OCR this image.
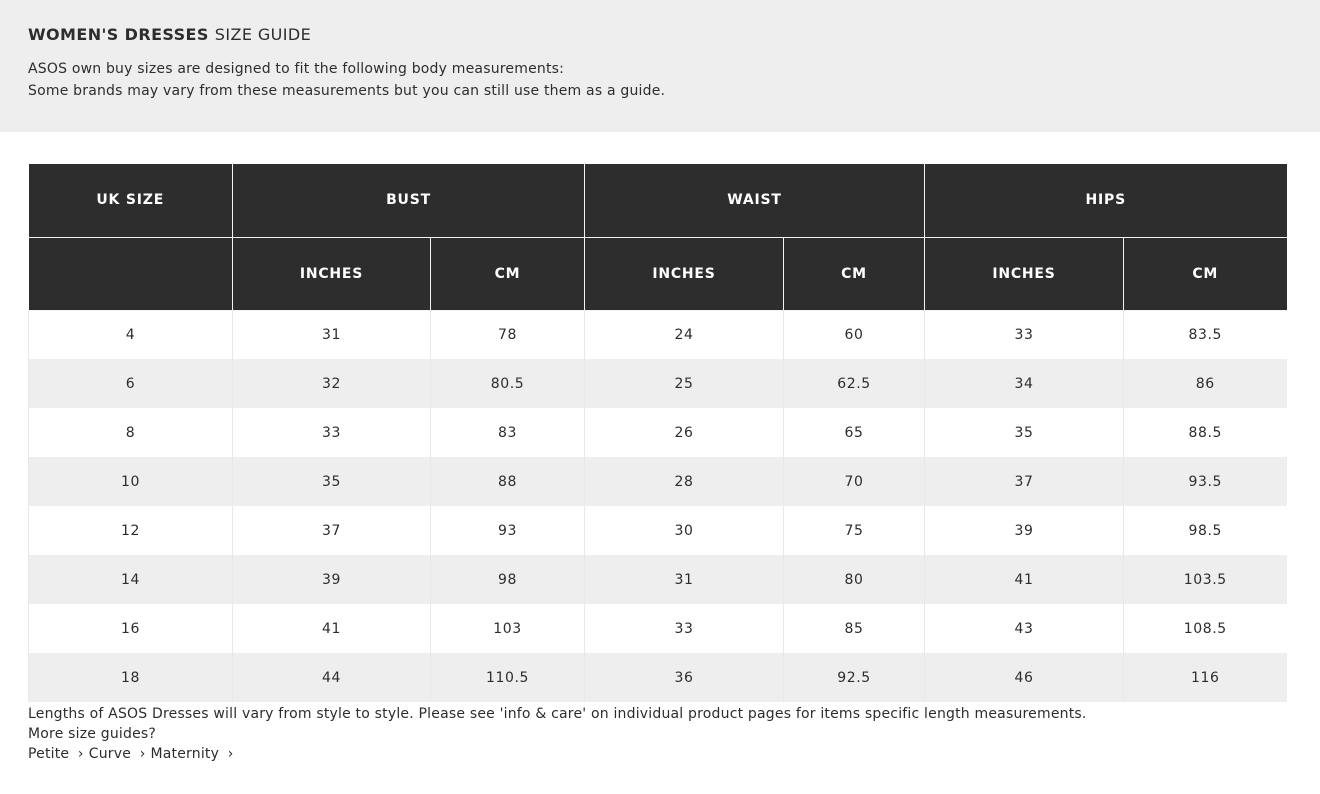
WOMEN'S DRESSES SIZE GUIDE
ASOS own buy sizes are designed to fit the following body measurements:
Some brands may vary from these measurements but you can still use them as a guide.
UK SIZE	BUST		WAIST		HIPS	
	INCHES	CM	INCHES	CM	INCHES	CM
4	31	78	24	60	33	83.5
6	32	80.5	25	62.5	34	86
8	33	83	26	65	35	88.5
10	35	88	28	70	37	93.5
12	37	93	30	75	39	98.5
14	39	98	31	80	41	103.5
16	41	103	33	85	43	108.5
18	44	110.5	36	92.5	46	116
Lengths of ASOS Dresses will vary from style to style. Please see 'info & care' on individual product pages for items specific length measurements.
More size guides?
Petite › Curve › Maternity ›
